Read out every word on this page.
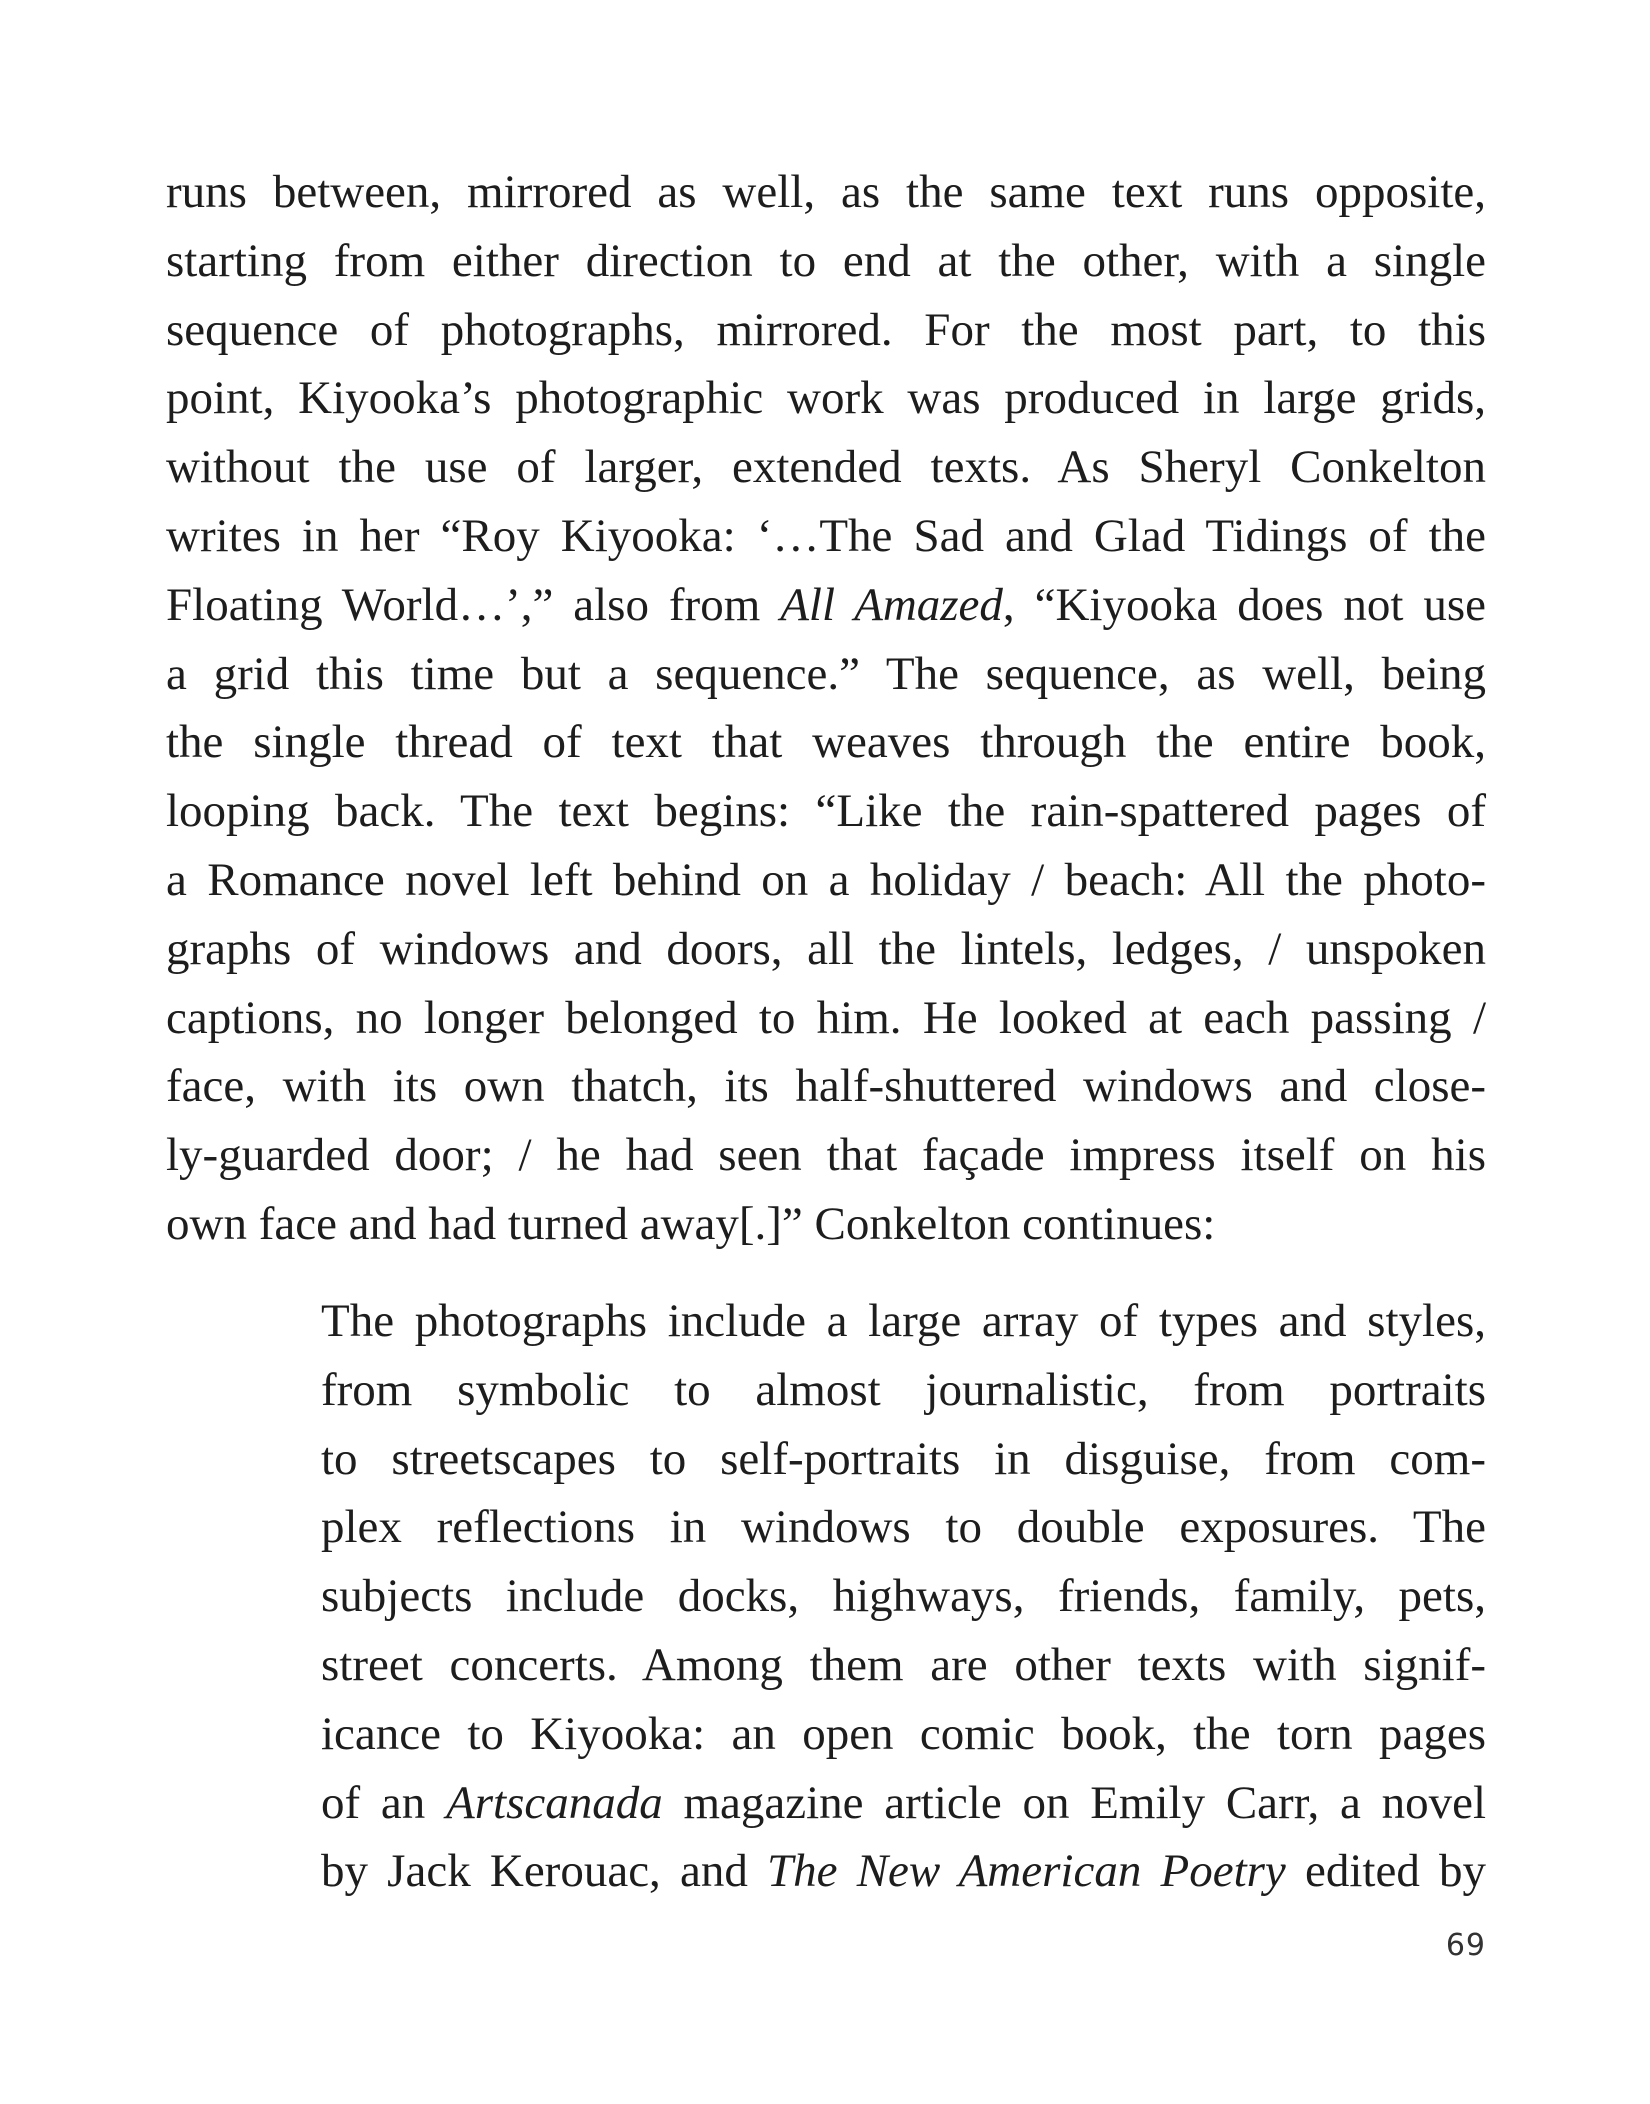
runs between, mirrored as well, as the same text runs opposite,
starting from either direction to end at the other, with a single
sequence of photographs, mirrored. For the most part, to this
point, Kiyooka’s photographic work was produced in large grids,
without the use of larger, extended texts. As Sheryl Conkelton
writes in her “Roy Kiyooka: ‘…The Sad and Glad Tidings of the
Floating World…’,” also from All Amazed, “Kiyooka does not use
a grid this time but a sequence.” The sequence, as well, being
the single thread of text that weaves through the entire book,
looping back. The text begins: “Like the rain-spattered pages of
a Romance novel left behind on a holiday / beach: All the photo-
graphs of windows and doors, all the lintels, ledges, / unspoken
captions, no longer belonged to him. He looked at each passing /
face, with its own thatch, its half-shuttered windows and close-
ly-guarded door; / he had seen that façade impress itself on his
own face and had turned away[.]” Conkelton continues:
The photographs include a large array of types and styles,
from symbolic to almost journalistic, from portraits
to streetscapes to self-portraits in disguise, from com-
plex reflections in windows to double exposures. The
subjects include docks, highways, friends, family, pets,
street concerts. Among them are other texts with signif-
icance to Kiyooka: an open comic book, the torn pages
of an Artscanada magazine article on Emily Carr, a novel
by Jack Kerouac, and The New American Poetry edited by
69
